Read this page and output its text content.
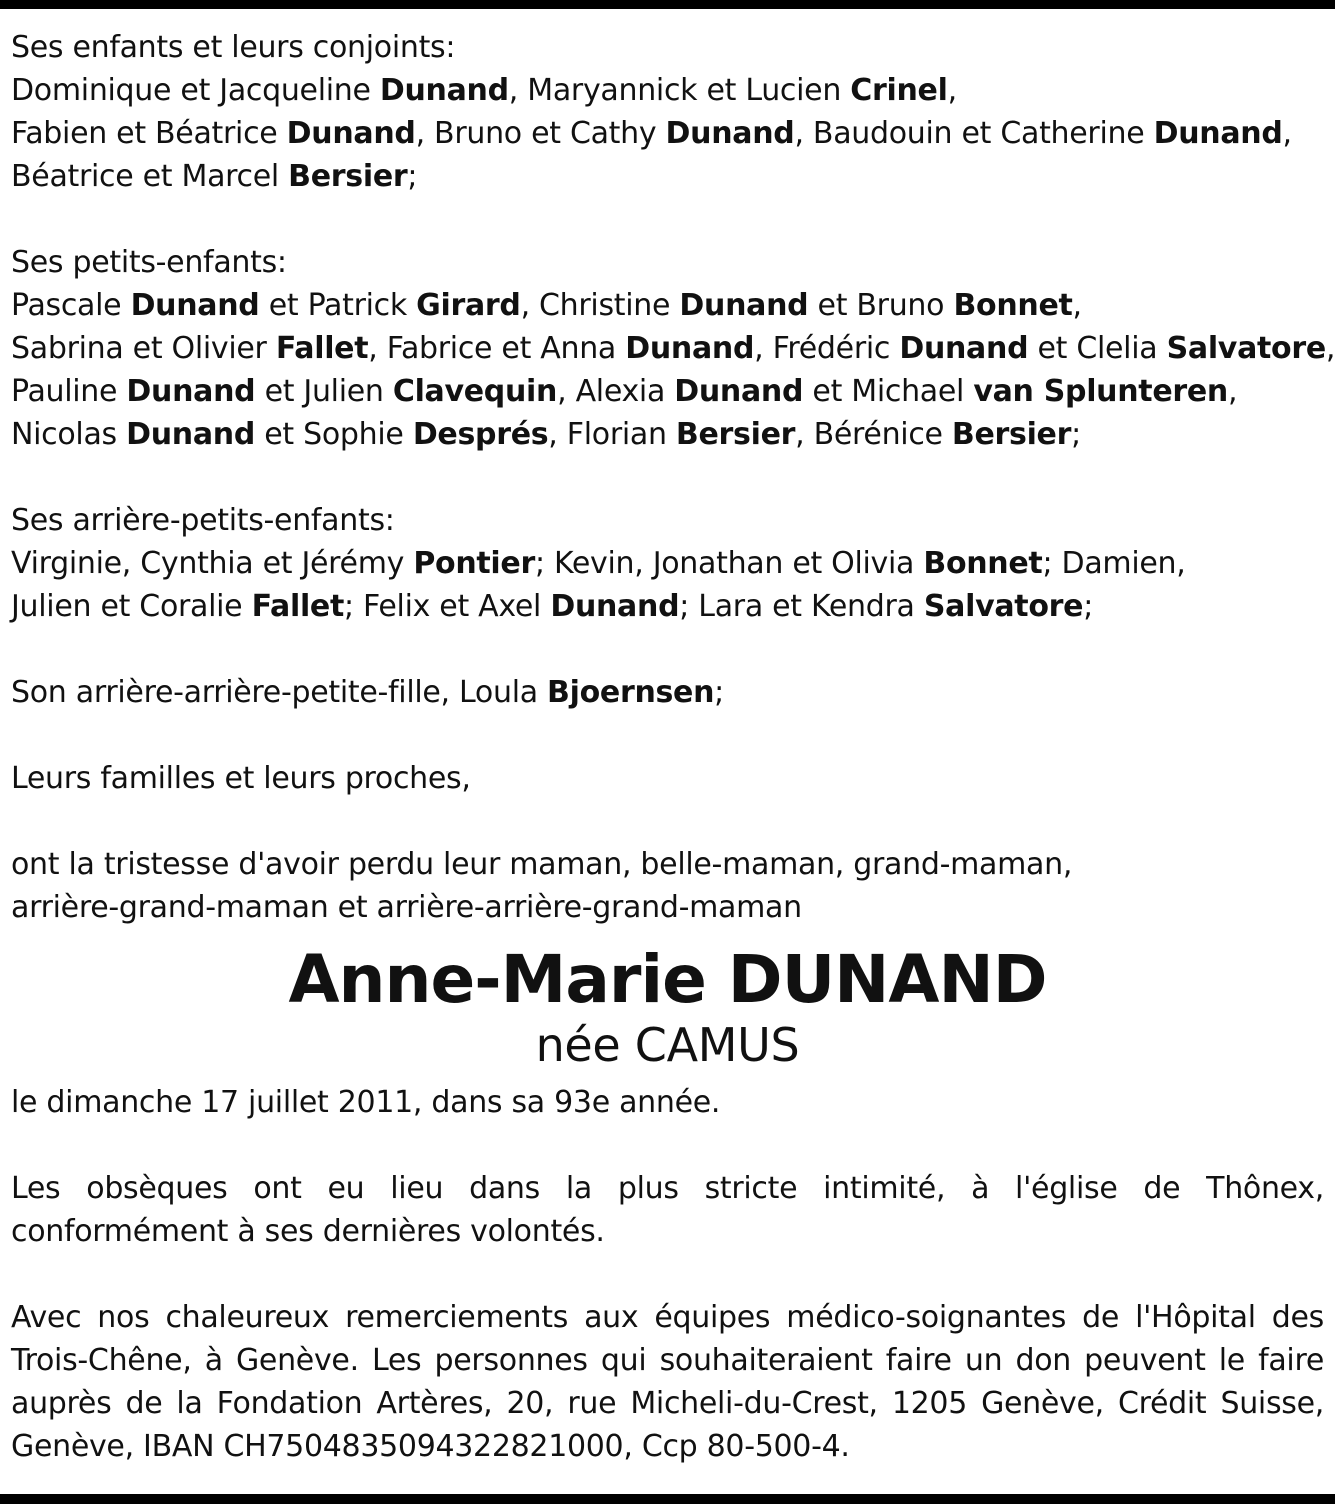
Ses enfants et leurs conjoints:
Dominique et Jacqueline Dunand, Maryannick et Lucien Crinel,
Fabien et Béatrice Dunand, Bruno et Cathy Dunand, Baudouin et Catherine Dunand,
Béatrice et Marcel Bersier;
Ses petits-enfants:
Pascale Dunand et Patrick Girard, Christine Dunand et Bruno Bonnet,
Sabrina et Olivier Fallet, Fabrice et Anna Dunand, Frédéric Dunand et Clelia Salvatore,
Pauline Dunand et Julien Clavequin, Alexia Dunand et Michael van Splunteren,
Nicolas Dunand et Sophie Després, Florian Bersier, Bérénice Bersier;
Ses arrière-petits-enfants:
Virginie, Cynthia et Jérémy Pontier; Kevin, Jonathan et Olivia Bonnet; Damien,
Julien et Coralie Fallet; Felix et Axel Dunand; Lara et Kendra Salvatore;
Son arrière-arrière-petite-fille, Loula Bjoernsen;
Leurs familles et leurs proches,
ont la tristesse d'avoir perdu leur maman, belle-maman, grand-maman,
arrière-grand-maman et arrière-arrière-grand-maman
Anne-Marie DUNAND
née CAMUS
le dimanche 17 juillet 2011, dans sa 93e année.
Les obsèques ont eu lieu dans la plus stricte intimité, à l'église de Thônex, conformément à ses dernières volontés.
Avec nos chaleureux remerciements aux équipes médico-soignantes de l'Hôpital des Trois-Chêne, à Genève. Les personnes qui souhaiteraient faire un don peuvent le faire auprès de la Fondation Artères, 20, rue Micheli-du-Crest, 1205 Genève, Crédit Suisse, Genève, IBAN CH7504835094322821000, Ccp 80-500-4.
